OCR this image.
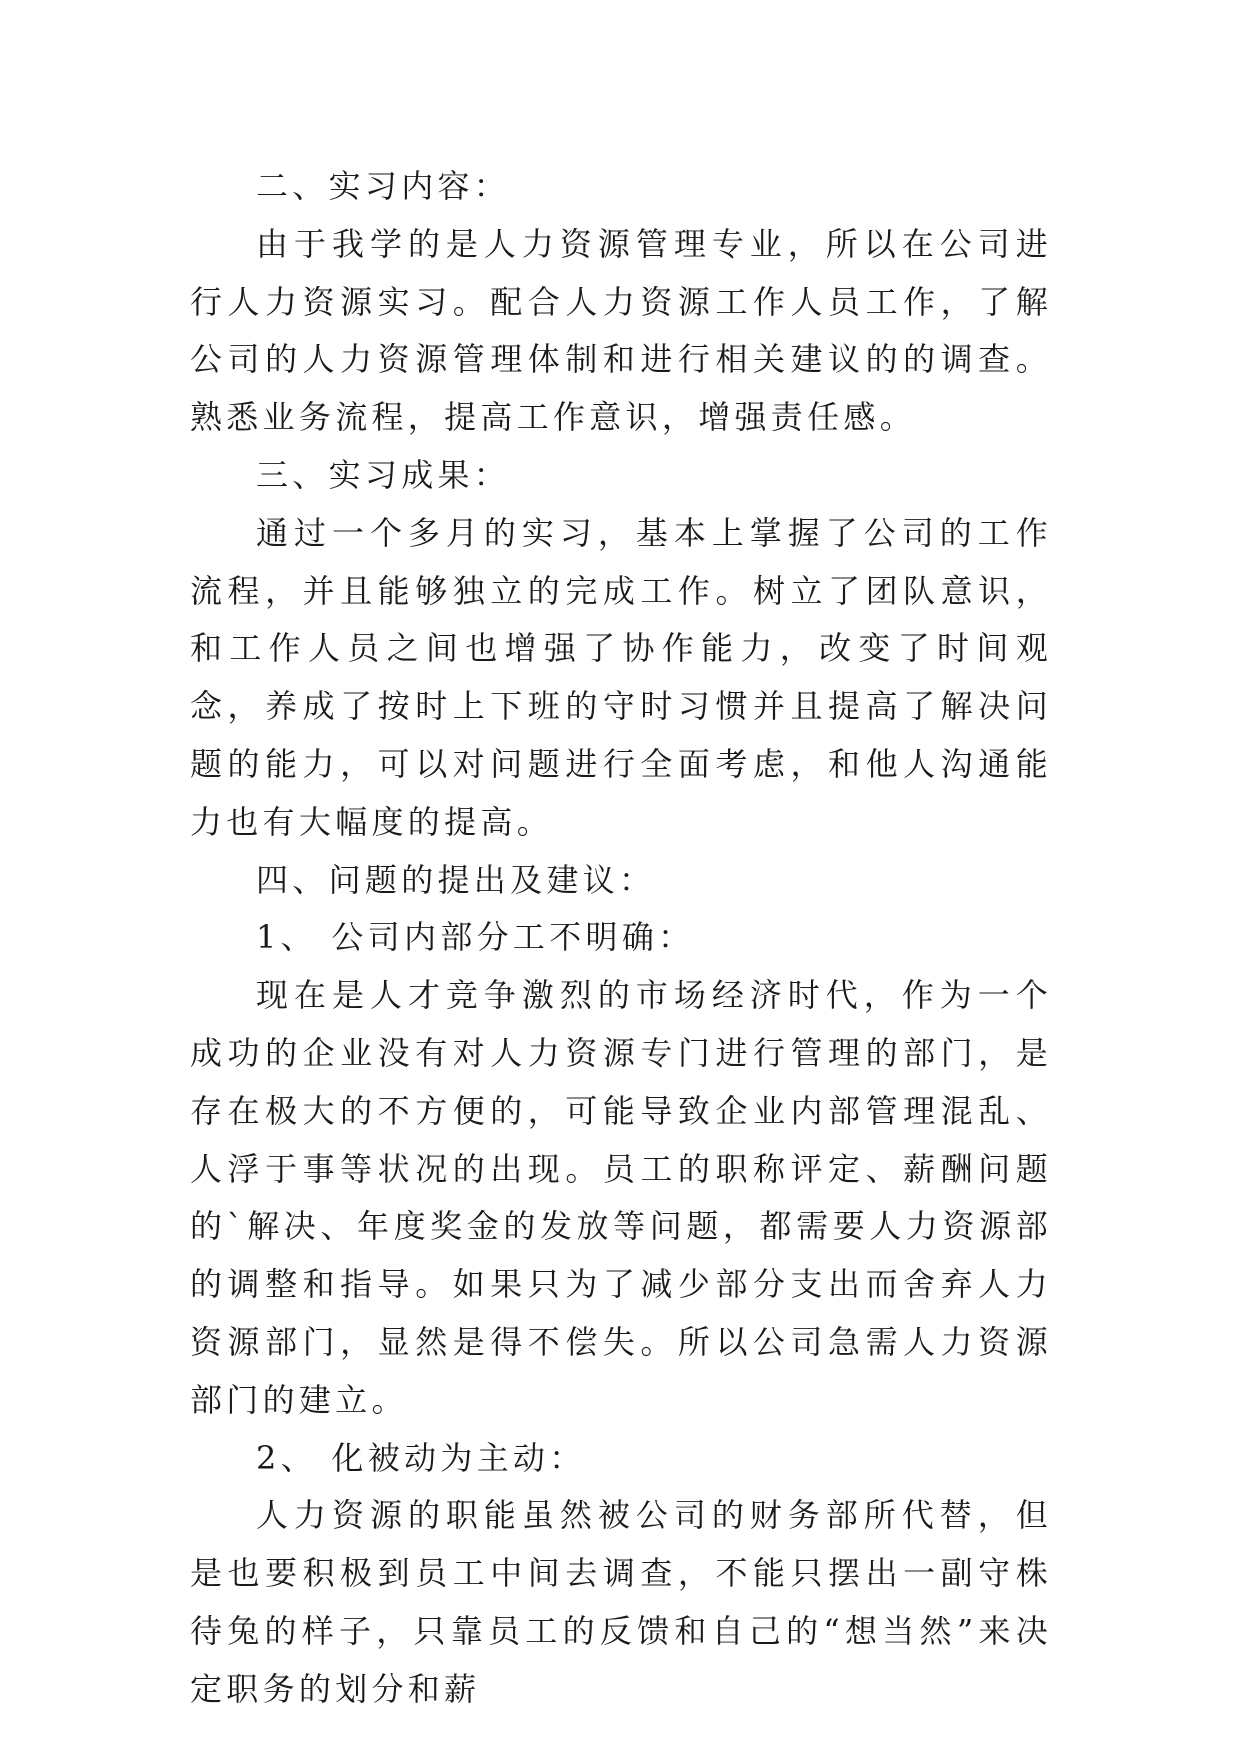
二、实习内容：

由于我学的是人力资源管理专业，所以在公司进行人力资源实习。配合人力资源工作人员工作，了解公司的人力资源管理体制和进行相关建议的的调查。熟悉业务流程，提高工作意识，增强责任感。

三、实习成果：

通过一个多月的实习，基本上掌握了公司的工作流程，并且能够独立的完成工作。树立了团队意识，和工作人员之间也增强了协作能力，改变了时间观念，养成了按时上下班的守时习惯并且提高了解决问题的能力，可以对问题进行全面考虑，和他人沟通能力也有大幅度的提高。

四、问题的提出及建议：

1、 公司内部分工不明确：

现在是人才竞争激烈的市场经济时代，作为一个成功的企业没有对人力资源专门进行管理的部门，是存在极大的不方便的，可能导致企业内部管理混乱、人浮于事等状况的出现。员工的职称评定、薪酬问题的`解决、年度奖金的发放等问题，都需要人力资源部的调整和指导。如果只为了减少部分支出而舍弃人力资源部门，显然是得不偿失。所以公司急需人力资源部门的建立。

2、 化被动为主动：

人力资源的职能虽然被公司的财务部所代替，但是也要积极到员工中间去调查，不能只摆出一副守株待兔的样子，只靠员工的反馈和自己的“想当然”来决定职务的划分和薪
